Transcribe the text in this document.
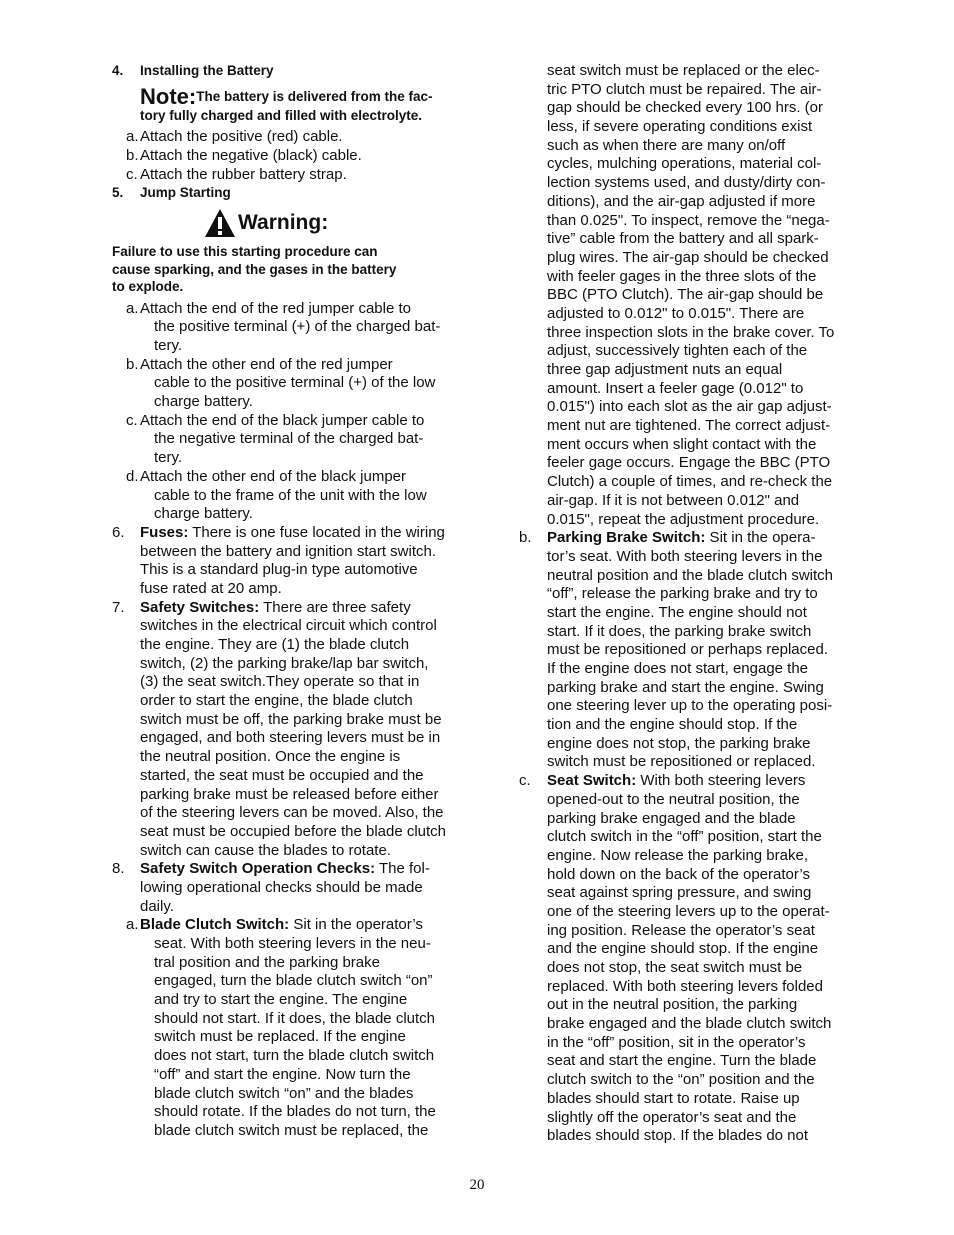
4. Installing the Battery
Note: The battery is delivered from the fac-
tory fully charged and filled with electrolyte.
a.Attach the positive (red) cable.
b.Attach the negative (black) cable.
c. Attach the rubber battery strap.
5. Jump Starting
Warning:
Failure to use this starting procedure can
cause sparking, and the gases in the battery
to explode.
a.Attach the end of the red jumper cable to
the positive terminal (+) of the charged bat-
tery.
b.Attach the other end of the red jumper
cable to the positive terminal (+) of the low
charge battery.
c. Attach the end of the black jumper cable to
the negative terminal of the charged bat-
tery.
d.Attach the other end of the black jumper
cable to the frame of the unit with the low
charge battery.
6. Fuses: There is one fuse located in the wiring
between the battery and ignition start switch.
This is a standard plug-in type automotive
fuse rated at 20 amp.
7. Safety Switches: There are three safety
switches in the electrical circuit which control
the engine. They are (1) the blade clutch
switch, (2) the parking brake/lap bar switch,
(3) the seat switch.They operate so that in
order to start the engine, the blade clutch
switch must be off, the parking brake must be
engaged, and both steering levers must be in
the neutral position. Once the engine is
started, the seat must be occupied and the
parking brake must be released before either
of the steering levers can be moved. Also, the
seat must be occupied before the blade clutch
switch can cause the blades to rotate.
8. Safety Switch Operation Checks: The fol-
lowing operational checks should be made
daily.
a.Blade Clutch Switch: Sit in the operator’s
seat. With both steering levers in the neu-
tral position and the parking brake
engaged, turn the blade clutch switch “on”
and try to start the engine. The engine
should not start. If it does, the blade clutch
switch must be replaced. If the engine
does not start, turn the blade clutch switch
“off” and start the engine. Now turn the
blade clutch switch “on” and the blades
should rotate. If the blades do not turn, the
blade clutch switch must be replaced, the
seat switch must be replaced or the elec-
tric PTO clutch must be repaired. The air-
gap should be checked every 100 hrs. (or
less, if severe operating conditions exist
such as when there are many on/off
cycles, mulching operations, material col-
lection systems used, and dusty/dirty con-
ditions), and the air-gap adjusted if more
than 0.025". To inspect, remove the “nega-
tive” cable from the battery and all spark-
plug wires. The air-gap should be checked
with feeler gages in the three slots of the
BBC (PTO Clutch). The air-gap should be
adjusted to 0.012" to 0.015". There are
three inspection slots in the brake cover. To
adjust, successively tighten each of the
three gap adjustment nuts an equal
amount. Insert a feeler gage (0.012" to
0.015") into each slot as the air gap adjust-
ment nut are tightened. The correct adjust-
ment occurs when slight contact with the
feeler gage occurs. Engage the BBC (PTO
Clutch) a couple of times, and re-check the
air-gap. If it is not between 0.012" and
0.015", repeat the adjustment procedure.
b. Parking Brake Switch: Sit in the opera-
tor’s seat. With both steering levers in the
neutral position and the blade clutch switch
“off”, release the parking brake and try to
start the engine. The engine should not
start. If it does, the parking brake switch
must be repositioned or perhaps replaced.
If the engine does not start, engage the
parking brake and start the engine. Swing
one steering lever up to the operating posi-
tion and the engine should stop. If the
engine does not stop, the parking brake
switch must be repositioned or replaced.
c. Seat Switch: With both steering levers
opened-out to the neutral position, the
parking brake engaged and the blade
clutch switch in the “off” position, start the
engine. Now release the parking brake,
hold down on the back of the operator’s
seat against spring pressure, and swing
one of the steering levers up to the operat-
ing position. Release the operator’s seat
and the engine should stop. If the engine
does not stop, the seat switch must be
replaced. With both steering levers folded
out in the neutral position, the parking
brake engaged and the blade clutch switch
in the “off” position, sit in the operator’s
seat and start the engine. Turn the blade
clutch switch to the “on” position and the
blades should start to rotate. Raise up
slightly off the operator’s seat and the
blades should stop. If the blades do not
20
